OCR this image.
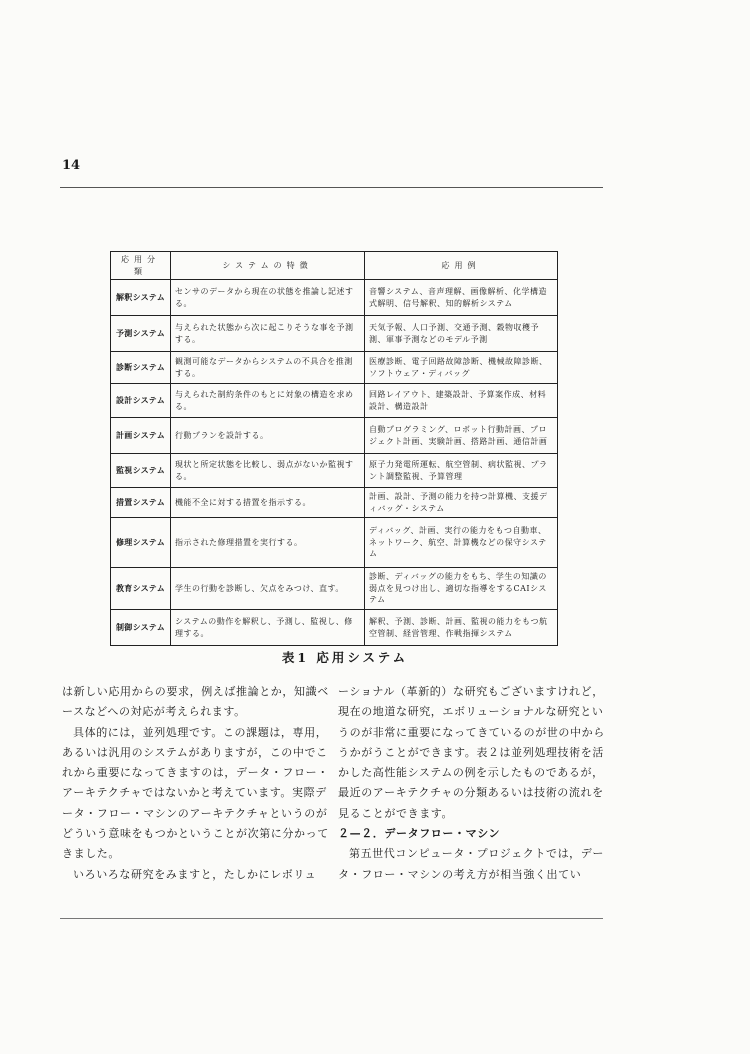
14
応用分類	システムの特徴	応用例
解釈システム	センサのデータから現在の状態を推論し記述する。	音響システム、音声理解、画像解析、化学構造式解明、信号解釈、知的解析システム
予測システム	与えられた状態から次に起こりそうな事を予測する。	天気予報、人口予測、交通予測、穀物収穫予測、軍事予測などのモデル予測
診断システム	観測可能なデータからシステムの不具合を推測する。	医療診断、電子回路故障診断、機械故障診断、ソフトウェア・ディバッグ
設計システム	与えられた制約条件のもとに対象の構造を求める。	回路レイアウト、建築設計、予算案作成、材料設計、構造設計
計画システム	行動プランを設計する。	自動プログラミング、ロボット行動計画、プロジェクト計画、実験計画、搭路計画、通信計画
監視システム	現状と所定状態を比較し、弱点がないか監視する。	原子力発電所運転、航空管制、病状監視、プラント調整監視、予算管理
措置システム	機能不全に対する措置を指示する。	計画、設計、予測の能力を持つ計算機、支援ディバッグ・システム
修理システム	指示された修理措置を実行する。	ディバッグ、計画、実行の能力をもつ自動車、ネットワーク、航空、計算機などの保守システム
教育システム	学生の行動を診断し、欠点をみつけ、直す。	診断、ディバッグの能力をもち、学生の知識の弱点を見つけ出し、適切な指導をするCAIシステム
制御システム	システムの動作を解釈し、予測し、監視し、修理する。	解釈、予測、診断、計画、監視の能力をもつ航空管制、経営管理、作戦指揮システム
表1 応用システム

は新しい応用からの要求，例えば推論とか，知識ベースなどへの対応が考えられます。

具体的には，並列処理です。この課題は，専用，あるいは汎用のシステムがありますが，この中でこれから重要になってきますのは，データ・フロー・アーキテクチャではないかと考えています。実際データ・フロー・マシンのアーキテクチャというのがどういう意味をもつかということが次第に分かってきました。

いろいろな研究をみますと，たしかにレボリュ

ーショナル（革新的）な研究もございますけれど，現在の地道な研究，エボリューショナルな研究というのが非常に重要になってきているのが世の中からうかがうことができます。表２は並列処理技術を活かした高性能システムの例を示したものであるが，最近のアーキテクチャの分類あるいは技術の流れを見ることができます。

２—２．データフロー・マシン

第五世代コンピュータ・プロジェクトでは，データ・フロー・マシンの考え方が相当強く出てい
